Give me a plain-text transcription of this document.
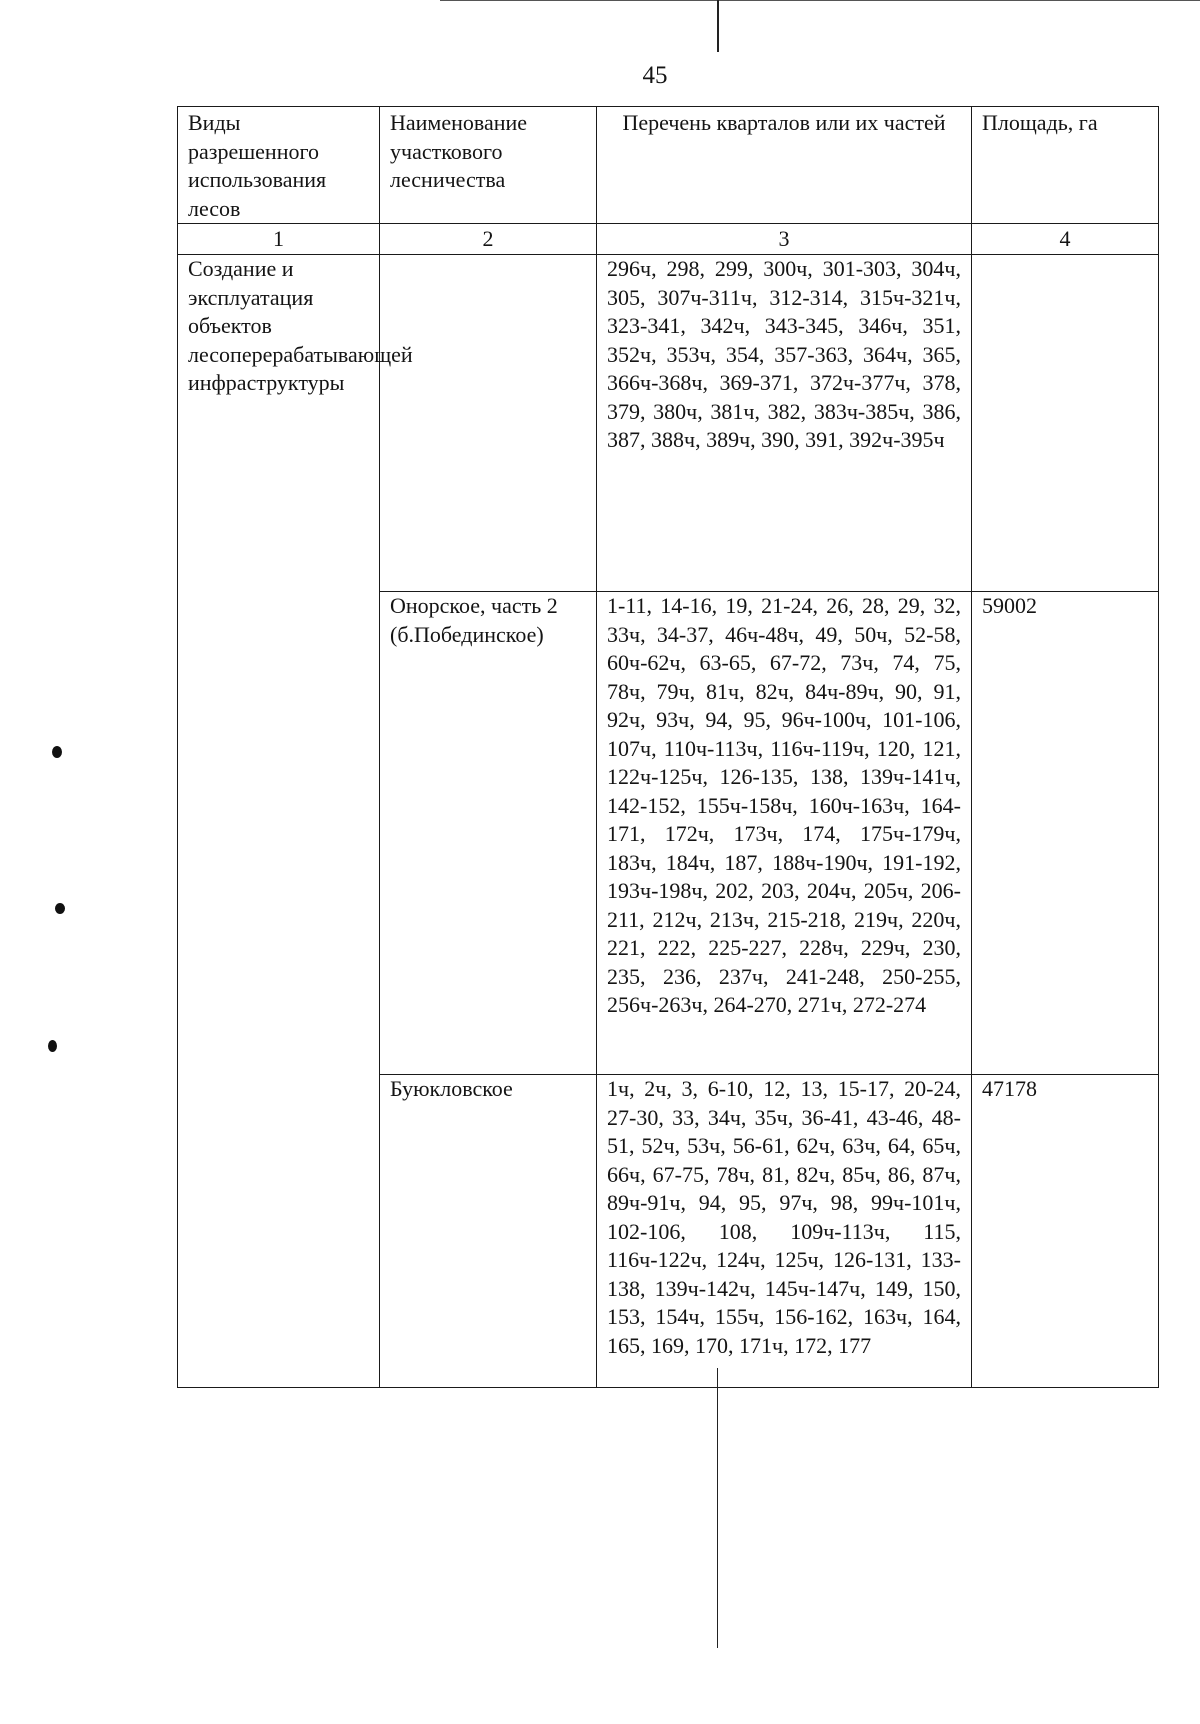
45
Виды разрешенного использования лесов	Наименование участкового лесничества	Перечень кварталов или их частей	Площадь, га
1	2	3	4
Создание и эксплуатация объектов лесоперерабатывающей инфраструктуры		296ч, 298, 299, 300ч, 301-303, 304ч, 305, 307ч-311ч, 312-314, 315ч-321ч, 323-341, 342ч, 343-345, 346ч, 351, 352ч, 353ч, 354, 357-363, 364ч, 365, 366ч-368ч, 369-371, 372ч-377ч, 378, 379, 380ч, 381ч, 382, 383ч-385ч, 386, 387, 388ч, 389ч, 390, 391, 392ч-395ч	
	Онорское, часть 2 (б.Побединское)	1-11, 14-16, 19, 21-24, 26, 28, 29, 32, 33ч, 34-37, 46ч-48ч, 49, 50ч, 52-58, 60ч-62ч, 63-65, 67-72, 73ч, 74, 75, 78ч, 79ч, 81ч, 82ч, 84ч-89ч, 90, 91, 92ч, 93ч, 94, 95, 96ч-100ч, 101-106, 107ч, 110ч-113ч, 116ч-119ч, 120, 121, 122ч-125ч, 126-135, 138, 139ч-141ч, 142-152, 155ч-158ч, 160ч-163ч, 164-171, 172ч, 173ч, 174, 175ч-179ч, 183ч, 184ч, 187, 188ч-190ч, 191-192, 193ч-198ч, 202, 203, 204ч, 205ч, 206-211, 212ч, 213ч, 215-218, 219ч, 220ч, 221, 222, 225-227, 228ч, 229ч, 230, 235, 236, 237ч, 241-248, 250-255, 256ч-263ч, 264-270, 271ч, 272-274	59002
	Буюкловское	1ч, 2ч, 3, 6-10, 12, 13, 15-17, 20-24, 27-30, 33, 34ч, 35ч, 36-41, 43-46, 48-51, 52ч, 53ч, 56-61, 62ч, 63ч, 64, 65ч, 66ч, 67-75, 78ч, 81, 82ч, 85ч, 86, 87ч, 89ч-91ч, 94, 95, 97ч, 98, 99ч-101ч, 102-106, 108, 109ч-113ч, 115, 116ч-122ч, 124ч, 125ч, 126-131, 133-138, 139ч-142ч, 145ч-147ч, 149, 150, 153, 154ч, 155ч, 156-162, 163ч, 164, 165, 169, 170, 171ч, 172, 177	47178
